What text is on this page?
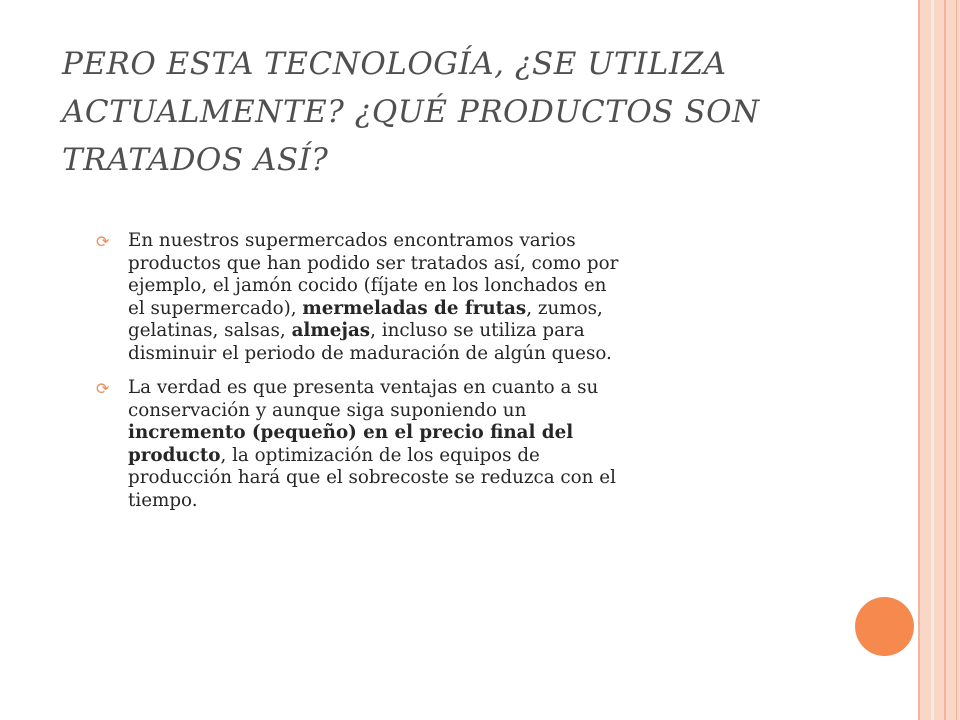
PERO ESTA TECNOLOGÍA, ¿SE UTILIZA ACTUALMENTE? ¿QUÉ PRODUCTOS SON TRATADOS ASÍ?
⟳ En nuestros supermercados encontramos varios productos que han podido ser tratados así, como por ejemplo, el jamón cocido (fíjate en los lonchados en el supermercado), mermeladas de frutas, zumos, gelatinas, salsas, almejas, incluso se utiliza para disminuir el periodo de maduración de algún queso.
⟳ La verdad es que presenta ventajas en cuanto a su conservación y aunque siga suponiendo un incremento (pequeño) en el precio final del producto, la optimización de los equipos de producción hará que el sobrecoste se reduzca con el tiempo.
